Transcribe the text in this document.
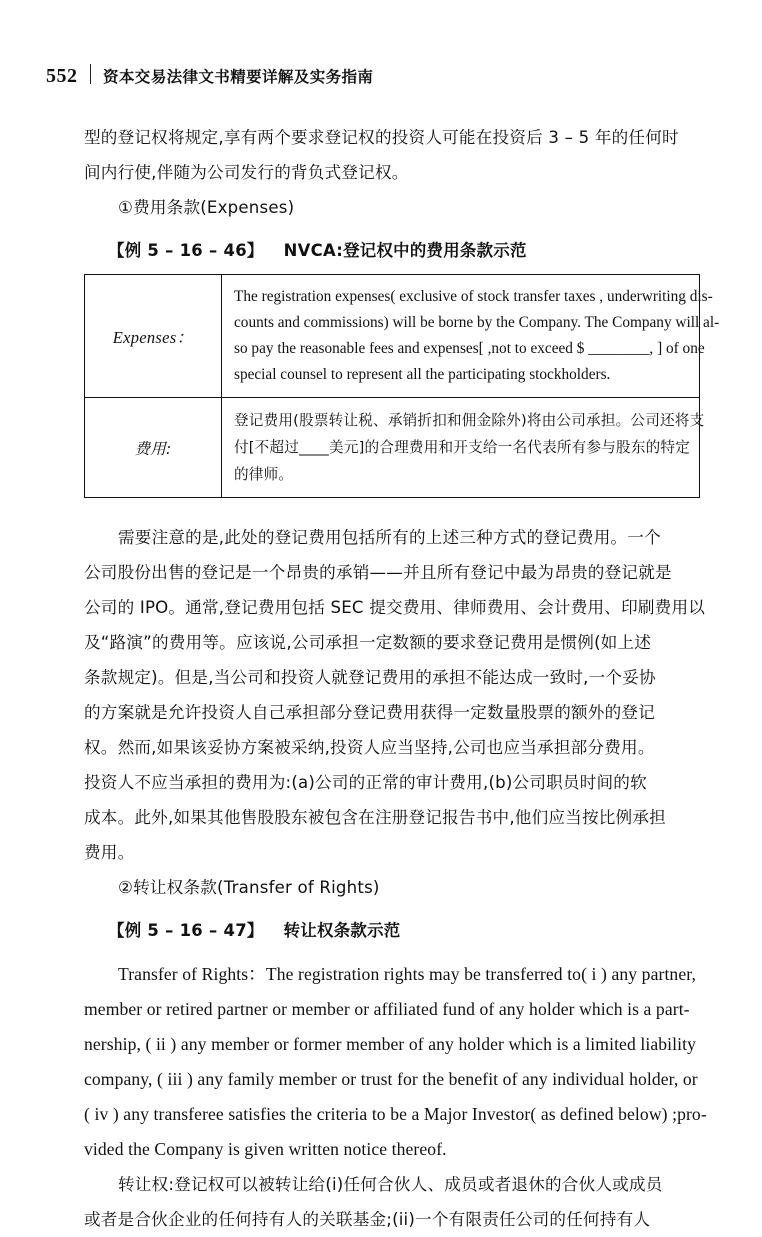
552 资本交易法律文书精要详解及实务指南
型的登记权将规定,享有两个要求登记权的投资人可能在投资后 3 – 5 年的任何时
间内行使,伴随为公司发行的背负式登记权。
①费用条款(Expenses)
【例 5 – 16 – 46】 NVCA:登记权中的费用条款示范
Expenses：	The registration expenses( exclusive of stock transfer taxes , underwriting dis-
counts and commissions) will be borne by the Company. The Company will al-
so pay the reasonable fees and expenses[ ,not to exceed $ ________, ] of one
special counsel to represent all the participating stockholders.

费用:	登记费用(股票转让税、承销折扣和佣金除外)将由公司承担。公司还将支
付[不超过____美元]的合理费用和开支给一名代表所有参与股东的特定
的律师。
需要注意的是,此处的登记费用包括所有的上述三种方式的登记费用。一个
公司股份出售的登记是一个昂贵的承销——并且所有登记中最为昂贵的登记就是
公司的 IPO。通常,登记费用包括 SEC 提交费用、律师费用、会计费用、印刷费用以
及“路演”的费用等。应该说,公司承担一定数额的要求登记费用是惯例(如上述
条款规定)。但是,当公司和投资人就登记费用的承担不能达成一致时,一个妥协
的方案就是允许投资人自己承担部分登记费用获得一定数量股票的额外的登记
权。然而,如果该妥协方案被采纳,投资人应当坚持,公司也应当承担部分费用。
投资人不应当承担的费用为:(a)公司的正常的审计费用,(b)公司职员时间的软
成本。此外,如果其他售股股东被包含在注册登记报告书中,他们应当按比例承担
费用。
②转让权条款(Transfer of Rights)
【例 5 – 16 – 47】 转让权条款示范
Transfer of Rights：The registration rights may be transferred to( i ) any partner,
member or retired partner or member or affiliated fund of any holder which is a part-
nership, ( ii ) any member or former member of any holder which is a limited liability
company, ( iii ) any family member or trust for the benefit of any individual holder, or
( iv ) any transferee satisfies the criteria to be a Major Investor( as defined below) ;pro-
vided the Company is given written notice thereof.
转让权:登记权可以被转让给(i)任何合伙人、成员或者退休的合伙人或成员
或者是合伙企业的任何持有人的关联基金;(ii)一个有限责任公司的任何持有人
